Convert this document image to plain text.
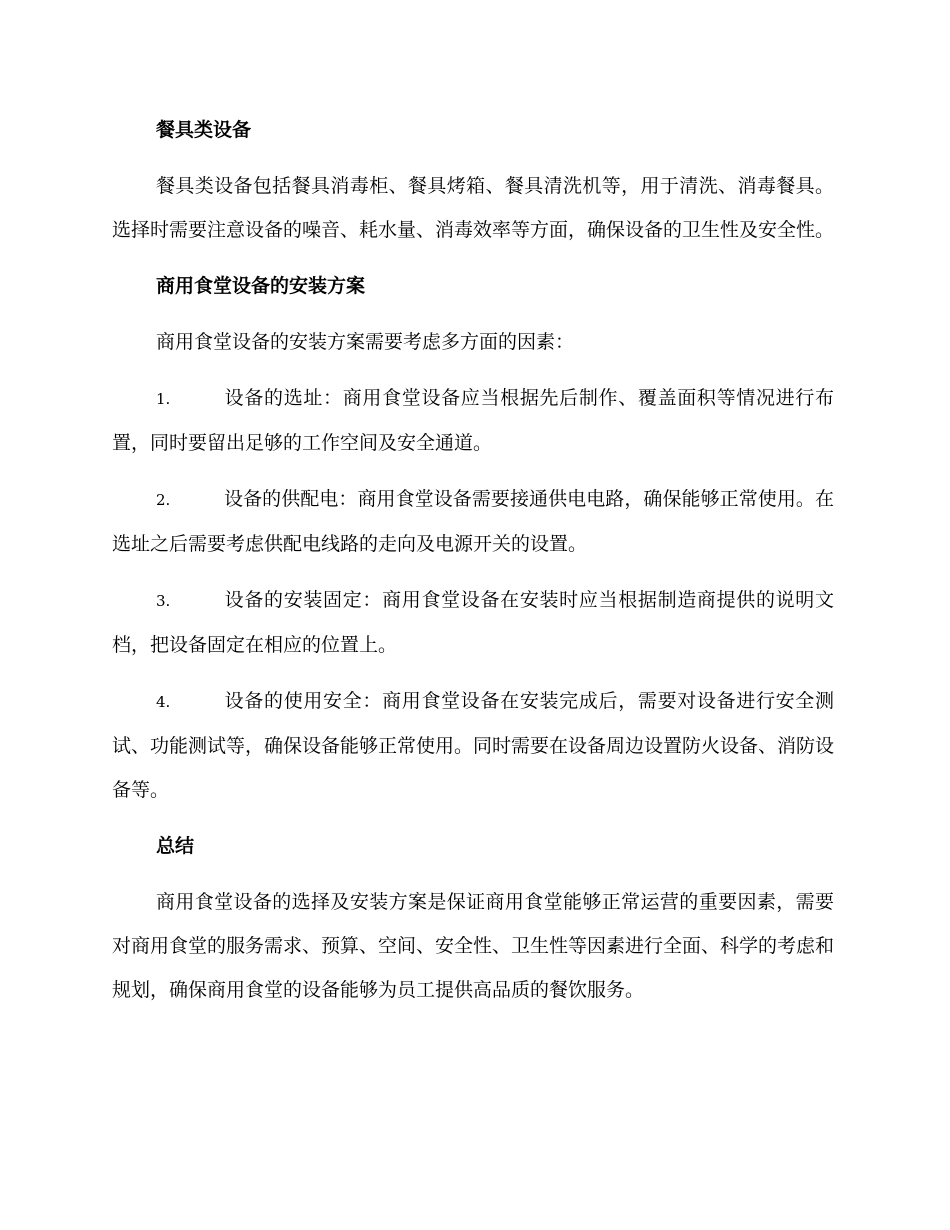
餐具类设备
餐具类设备包括餐具消毒柜、餐具烤箱、餐具清洗机等，用于清洗、消毒餐具。选择时需要注意设备的噪音、耗水量、消毒效率等方面，确保设备的卫生性及安全性。
商用食堂设备的安装方案
商用食堂设备的安装方案需要考虑多方面的因素：
1.	设备的选址：商用食堂设备应当根据先后制作、覆盖面积等情况进行布置，同时要留出足够的工作空间及安全通道。
2.	设备的供配电：商用食堂设备需要接通供电电路，确保能够正常使用。在选址之后需要考虑供配电线路的走向及电源开关的设置。
3.	设备的安装固定：商用食堂设备在安装时应当根据制造商提供的说明文档，把设备固定在相应的位置上。
4.	设备的使用安全：商用食堂设备在安装完成后，需要对设备进行安全测试、功能测试等，确保设备能够正常使用。同时需要在设备周边设置防火设备、消防设备等。
总结
商用食堂设备的选择及安装方案是保证商用食堂能够正常运营的重要因素，需要对商用食堂的服务需求、预算、空间、安全性、卫生性等因素进行全面、科学的考虑和规划，确保商用食堂的设备能够为员工提供高品质的餐饮服务。
